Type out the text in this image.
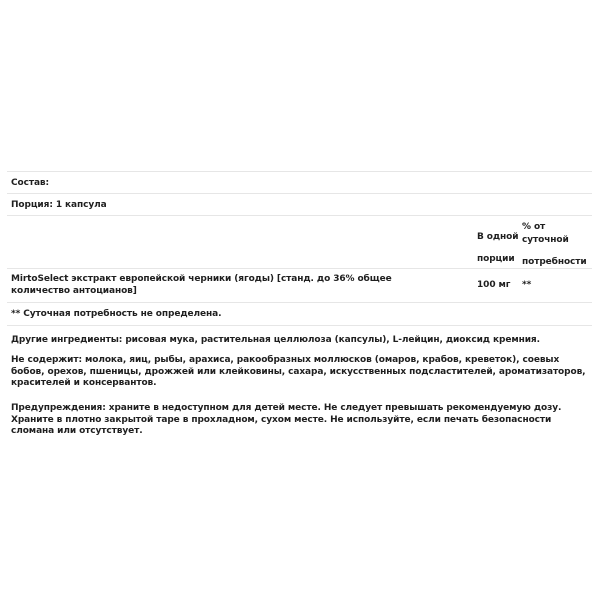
Состав:
Порция: 1 капсула
В одной
порции
% от
суточной
потребности
MirtoSelect экстракт европейской черники (ягоды) [станд. до 36% общее количество антоцианов]
100 мг **
** Суточная потребность не определена.
Другие ингредиенты: рисовая мука, растительная целлюлоза (капсулы), L-лейцин, диоксид кремния.
Не содержит: молока, яиц, рыбы, арахиса, ракообразных моллюсков (омаров, крабов, креветок), соевых бобов, орехов, пшеницы, дрожжей или клейковины, сахара, искусственных подсластителей, ароматизаторов, красителей и консервантов.
Предупреждения: храните в недоступном для детей месте. Не следует превышать рекомендуемую дозу. Храните в плотно закрытой таре в прохладном, сухом месте. Не используйте, если печать безопасности сломана или отсутствует.
